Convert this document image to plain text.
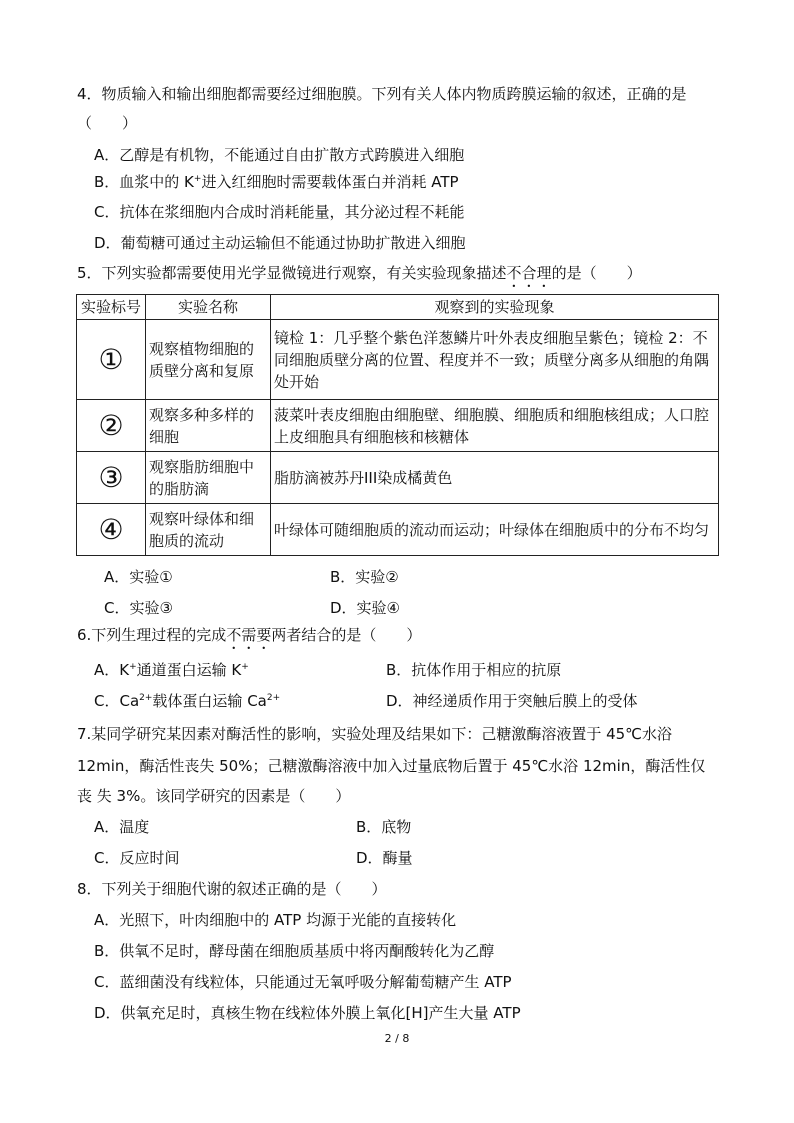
4．物质输入和输出细胞都需要经过细胞膜。下列有关人体内物质跨膜运输的叙述，正确的是
（　　）
A．乙醇是有机物，不能通过自由扩散方式跨膜进入细胞
B．血浆中的 K+进入红细胞时需要载体蛋白并消耗 ATP
C．抗体在浆细胞内合成时消耗能量，其分泌过程不耗能
D．葡萄糖可通过主动运输但不能通过协助扩散进入细胞
5．下列实验都需要使用光学显微镜进行观察，有关实验现象描述不合理的是（　　）
实验标号	实验名称	观察到的实验现象
①	观察植物细胞的质壁分离和复原	镜检 1：几乎整个紫色洋葱鳞片叶外表皮细胞呈紫色；镜检 2：不同细胞质壁分离的位置、程度并不一致；质壁分离多从细胞的角隅处开始
②	观察多种多样的细胞	菠菜叶表皮细胞由细胞壁、细胞膜、细胞质和细胞核组成；人口腔上皮细胞具有细胞核和核糖体
③	观察脂肪细胞中的脂肪滴	脂肪滴被苏丹III染成橘黄色
④	观察叶绿体和细胞质的流动	叶绿体可随细胞质的流动而运动；叶绿体在细胞质中的分布不均匀
A．实验①	B．实验②
C．实验③	D．实验④
6.下列生理过程的完成不需要两者结合的是（　　）
A．K+通道蛋白运输 K+	B．抗体作用于相应的抗原
C．$Ca^{2+}$载体蛋白运输 $Ca^{2+}$	D．神经递质作用于突触后膜上的受体
7.某同学研究某因素对酶活性的影响，实验处理及结果如下：己糖激酶溶液置于 45℃水浴
12min，酶活性丧失 50%；己糖激酶溶液中加入过量底物后置于 45℃水浴 12min，酶活性仅
丧 失 3%。该同学研究的因素是（　　）
A．温度	B．底物
C．反应时间	D．酶量
8．下列关于细胞代谢的叙述正确的是（　　）
A．光照下，叶肉细胞中的 ATP 均源于光能的直接转化
B．供氧不足时，酵母菌在细胞质基质中将丙酮酸转化为乙醇
C．蓝细菌没有线粒体，只能通过无氧呼吸分解葡萄糖产生 ATP
D．供氧充足时，真核生物在线粒体外膜上氧化[H]产生大量 ATP
2 / 8
